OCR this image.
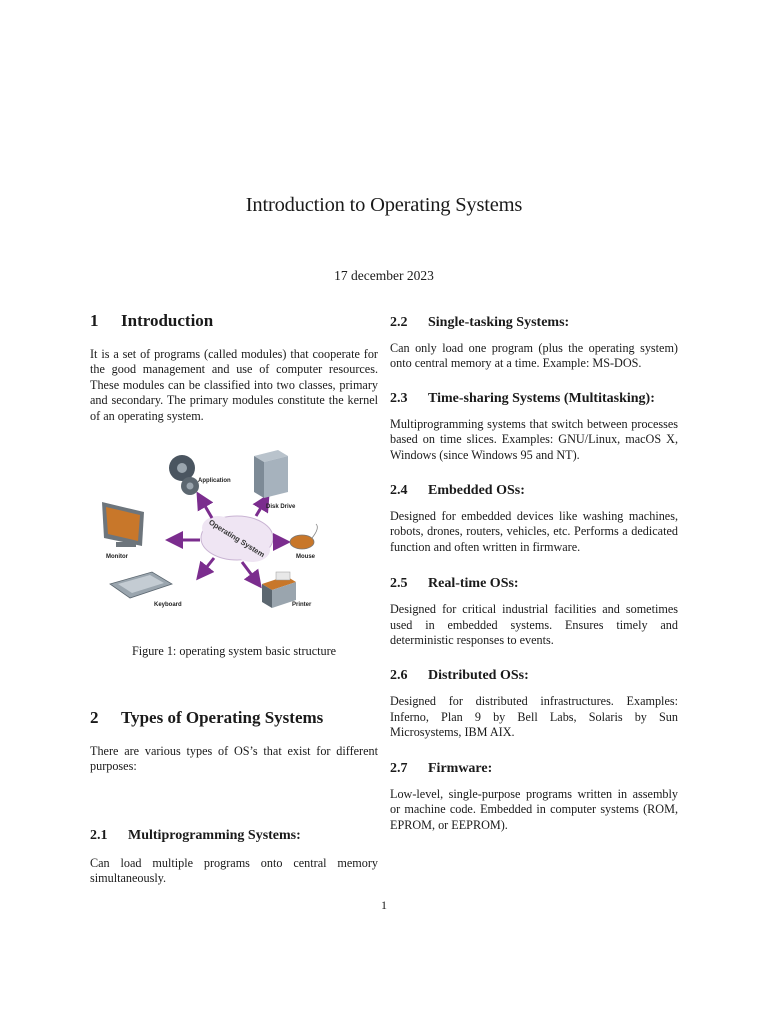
Introduction to Operating Systems
17 december 2023
1	Introduction

It is a set of programs (called modules) that cooperate for the good management and use of computer resources. These modules can be classified into two classes, primary and secondary. The primary modules constitute the kernel of an operating system.

Operating System
Application
Disk Drive
Monitor	Mouse
Keyboard	Printer
Figure 1: operating system basic structure
2	Types of Operating Systems

There are various types of OS’s that exist for different purposes:

2.1	Multiprogramming Systems:

Can load multiple programs onto central memory simultaneously.

2.2	Single-tasking Systems:

Can only load one program (plus the operating system) onto central memory at a time. Example: MS-DOS.

2.3	Time-sharing Systems (Multitasking):

Multiprogramming systems that switch between processes based on time slices. Examples: GNU/Linux, macOS X, Windows (since Windows 95 and NT).

2.4	Embedded OSs:

Designed for embedded devices like washing machines, robots, drones, routers, vehicles, etc. Performs a dedicated function and often written in firmware.

2.5	Real-time OSs:

Designed for critical industrial facilities and sometimes used in embedded systems. Ensures timely and deterministic responses to events.

2.6	Distributed OSs:

Designed for distributed infrastructures. Examples: Inferno, Plan 9 by Bell Labs, Solaris by Sun Microsystems, IBM AIX.

2.7	Firmware:

Low-level, single-purpose programs written in assembly or machine code. Embedded in computer systems (ROM, EPROM, or EEPROM).

1
